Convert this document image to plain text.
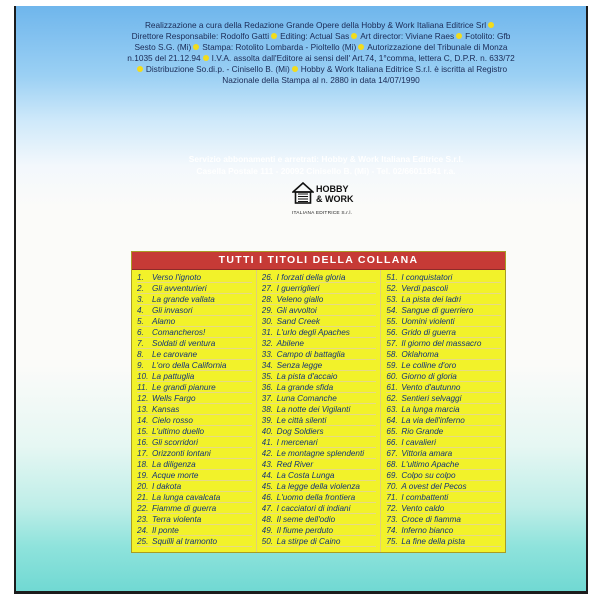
Realizzazione a cura della Redazione Grande Opere della Hobby & Work Italiana Editrice Srl
Direttore Responsabile: Rodolfo Gatti Editing: Actual Sas Art director: Viviane Raes Fotolito: Gfb
Sesto S.G. (Mi) Stampa: Rotolito Lombarda - Pioltello (Mi) Autorizzazione del Tribunale di Monza
n.1035 del 21.12.94 I.V.A. assolta dall'Editore ai sensi dell' Art.74, 1°comma, lettera C, D.P.R. n. 633/72
Distribuzione So.di.p. - Cinisello B. (Mi) Hobby & Work Italiana Editrice S.r.l. è iscritta al Registro
Nazionale della Stampa al n. 2880 in data 14/07/1990
Servizio abbonamenti e arretrati: Hobby & Work Italiana Editrice S.r.l.
Casella Postale 111 - 20092 Cinisello B. (Mi) - Tel. 02/66011841 r.a.
HOBBY
& WORK
ITALIANA EDITRICE S.r.l.
TUTTI I TITOLI DELLA COLLANA
1. Verso l'ignoto
2. Gli avventurieri
3. La grande vallata
4. Gli invasori
5. Alamo
6. Comancheros!
7. Soldati di ventura
8. Le carovane
9. L'oro della California
10. La pattuglia
11. Le grandi pianure
12. Wells Fargo
13. Kansas
14. Cielo rosso
15. L'ultimo duello
16. Gli scorridori
17. Orizzonti lontani
18. La diligenza
19. Acque morte
20. I dakota
21. La lunga cavalcata
22. Fiamme di guerra
23. Terra violenta
24. Il ponte
25. Squilli al tramonto
26. I forzati della gloria
27. I guerriglieri
28. Veleno giallo
29. Gli avvoltoi
30. Sand Creek
31. L'urlo degli Apaches
32. Abilene
33. Campo di battaglia
34. Senza legge
35. La pista d'accaio
36. La grande sfida
37. Luna Comanche
38. La notte dei Vigilanti
39. Le città silenti
40. Dog Soldiers
41. I mercenari
42. Le montagne splendenti
43. Red River
44. La Costa Lunga
45. La legge della violenza
46. L'uomo della frontiera
47. I cacciatori di indiani
48. Il seme dell'odio
49. Il fiume perduto
50. La stirpe di Caino
51. I conquistatori
52. Verdi pascoli
53. La pista dei ladri
54. Sangue di guerriero
55. Uomini violenti
56. Grido di guerra
57. Il giorno del massacro
58. Oklahoma
59. Le colline d'oro
60. Giorno di gloria
61. Vento d'autunno
62. Sentieri selvaggi
63. La lunga marcia
64. La via dell'inferno
65. Rio Grande
66. I cavalieri
67. Vittoria amara
68. L'ultimo Apache
69. Colpo su colpo
70. A ovest del Pecos
71. I combattenti
72. Vento caldo
73. Croce di fiamma
74. Inferno bianco
75. La fine della pista
